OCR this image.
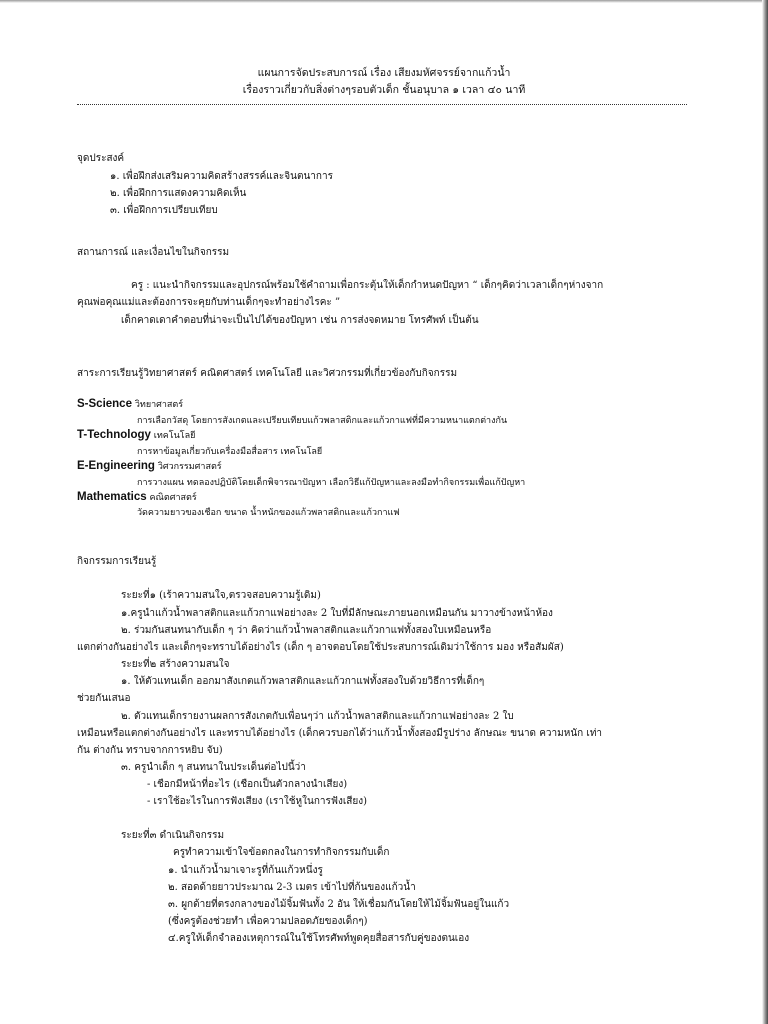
แผนการจัดประสบการณ์ เรื่อง เสียงมหัศจรรย์จากแก้วน้ำ
เรื่องราวเกี่ยวกับสิ่งต่างๆรอบตัวเด็ก ชั้นอนุบาล ๑ เวลา ๔๐ นาที
จุดประสงค์
๑. เพื่อฝึกส่งเสริมความคิดสร้างสรรค์และจินตนาการ
๒. เพื่อฝึกการแสดงความคิดเห็น
๓. เพื่อฝึกการเปรียบเทียบ
สถานการณ์ และเงื่อนไขในกิจกรรม
ครู : แนะนำกิจกรรมและอุปกรณ์พร้อมใช้คำถามเพื่อกระตุ้นให้เด็กกำหนดปัญหา “ เด็กๆคิดว่าเวลาเด็กๆห่างจาก
คุณพ่อคุณแม่และต้องการจะคุยกับท่านเด็กๆจะทำอย่างไรคะ ”
เด็กคาดเดาคำตอบที่น่าจะเป็นไปได้ของปัญหา เช่น การส่งจดหมาย โทรศัพท์ เป็นต้น
สาระการเรียนรู้วิทยาศาสตร์ คณิตศาสตร์ เทคโนโลยี และวิศวกรรมที่เกี่ยวข้องกับกิจกรรม
S-Science วิทยาศาสตร์
การเลือกวัสดุ โดยการสังเกตและเปรียบเทียบแก้วพลาสติกและแก้วกาแฟที่มีความหนาแตกต่างกัน
T-Technology เทคโนโลยี
การหาข้อมูลเกี่ยวกับเครื่องมือสื่อสาร เทคโนโลยี
E-Engineering วิศวกรรมศาสตร์
การวางแผน ทดลองปฏิบัติโดยเด็กพิจารณาปัญหา เลือกวิธีแก้ปัญหาและลงมือทำกิจกรรมเพื่อแก้ปัญหา
Mathematics คณิตศาสตร์
วัดความยาวของเชือก ขนาด น้ำหนักของแก้วพลาสติกและแก้วกาแฟ
กิจกรรมการเรียนรู้
ระยะที่๑ (เร้าความสนใจ,ตรวจสอบความรู้เดิม)
๑.ครูนำแก้วน้ำพลาสติกและแก้วกาแฟอย่างละ 2 ใบที่มีลักษณะภายนอกเหมือนกัน มาวางข้างหน้าห้อง
๒. ร่วมกันสนทนากับเด็ก ๆ ว่า คิดว่าแก้วน้ำพลาสติกและแก้วกาแฟทั้งสองใบเหมือนหรือ
แตกต่างกันอย่างไร และเด็กๆจะทราบได้อย่างไร (เด็ก ๆ อาจตอบโดยใช้ประสบการณ์เดิมว่าใช้การ มอง หรือสัมผัส)
ระยะที่๒ สร้างความสนใจ
๑. ให้ตัวแทนเด็ก ออกมาสังเกตแก้วพลาสติกและแก้วกาแฟทั้งสองใบด้วยวิธีการที่เด็กๆ
ช่วยกันเสนอ
๒. ตัวแทนเด็กรายงานผลการสังเกตกับเพื่อนๆว่า แก้วน้ำพลาสติกและแก้วกาแฟอย่างละ 2 ใบ
เหมือนหรือแตกต่างกันอย่างไร และทราบได้อย่างไร (เด็กควรบอกได้ว่าแก้วน้ำทั้งสองมีรูปร่าง ลักษณะ ขนาด ความหนัก เท่า
กัน ต่างกัน ทราบจากการหยิบ จับ)
๓. ครูนำเด็ก ๆ สนทนาในประเด็นต่อไปนี้ว่า
- เชือกมีหน้าที่อะไร (เชือกเป็นตัวกลางนำเสียง)
- เราใช้อะไรในการฟังเสียง (เราใช้หูในการฟังเสียง)
ระยะที่๓ ดำเนินกิจกรรม
ครูทำความเข้าใจข้อตกลงในการทำกิจกรรมกับเด็ก
๑. นำแก้วน้ำมาเจาะรูที่ก้นแก้วหนึ่งรู
๒. สอดด้ายยาวประมาณ 2-3 เมตร เข้าไปที่ก้นของแก้วน้ำ
๓. ผูกด้ายที่ตรงกลางของไม้จิ้มฟันทั้ง 2 อัน ให้เชื่อมกันโดยให้ไม้จิ้มฟันอยู่ในแก้ว
(ซึ่งครูต้องช่วยทำ เพื่อความปลอดภัยของเด็กๆ)
๔.ครูให้เด็กจำลองเหตุการณ์ในใช้โทรศัพท์พูดคุยสื่อสารกับคู่ของตนเอง
